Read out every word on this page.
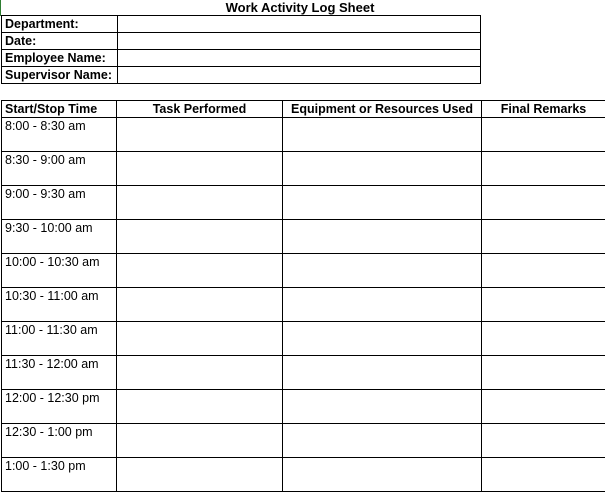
Work Activity Log Sheet
Department:	
Date:	
Employee Name:	
Supervisor Name:	
Start/Stop Time	Task Performed	Equipment or Resources Used	Final Remarks
8:00 - 8:30 am			
8:30 - 9:00 am			
9:00 - 9:30 am			
9:30 - 10:00 am			
10:00 - 10:30 am			
10:30 - 11:00 am			
11:00 - 11:30 am			
11:30 - 12:00 am			
12:00 - 12:30 pm			
12:30 - 1:00 pm			
1:00 - 1:30 pm			
